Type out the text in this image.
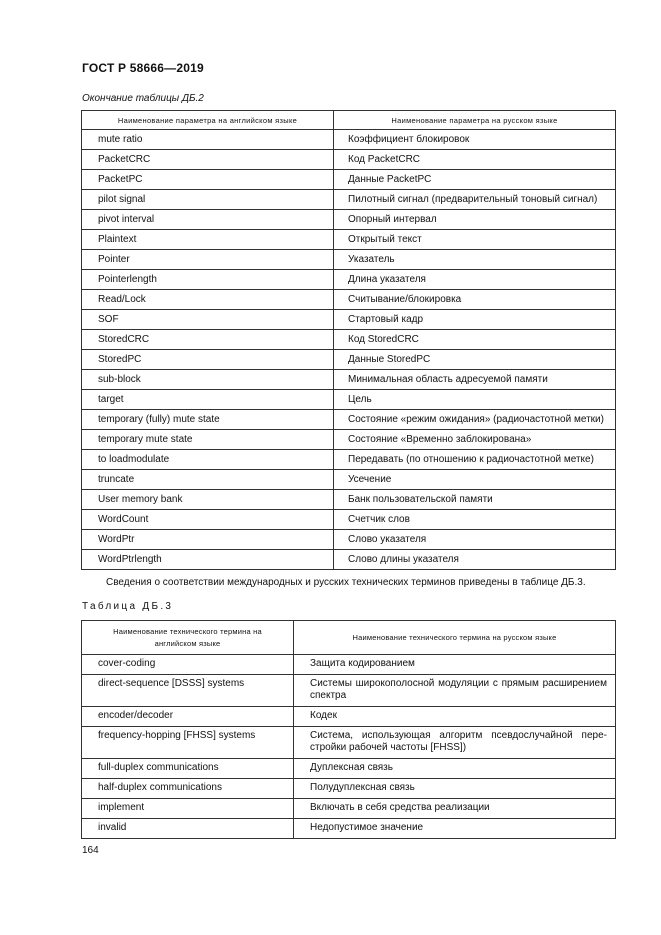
ГОСТ Р 58666—2019

Окончание таблицы ДБ.2

Наименование параметра на английском языке	Наименование параметра на русском языке
mute ratio	Коэффициент блокировок
PacketCRC	Код PacketCRC
PacketPC	Данные PacketPC
pilot signal	Пилотный сигнал (предварительный тоновый сигнал)
pivot interval	Опорный интервал
Plaintext	Открытый текст
Pointer	Указатель
Pointerlength	Длина указателя
Read/Lock	Считывание/блокировка
SOF	Стартовый кадр
StoredCRC	Код StoredCRC
StoredPC	Данные StoredPC
sub-block	Минимальная область адресуемой памяти
target	Цель
temporary (fully) mute state	Состояние «режим ожидания» (радиочастотной метки)
temporary mute state	Состояние «Временно заблокирована»
to loadmodulate	Передавать (по отношению к радиочастотной метке)
truncate	Усечение
User memory bank	Банк пользовательской памяти
WordCount	Счетчик слов
WordPtr	Слово указателя
WordPtrlength	Слово длины указателя

Сведения о соответствии международных и русских технических терминов приведены в таблице ДБ.3.

Таблица ДБ.3

Наименование технического термина на английском языке	Наименование технического термина на русском языке
cover-coding	Защита кодированием
direct-sequence [DSSS] systems	Системы широкополосной модуляции с прямым расширением спектра
encoder/decoder	Кодек
frequency-hopping [FHSS] systems	Система, использующая алгоритм псевдослучайной перестройки рабочей частоты [FHSS])
full-duplex communications	Дуплексная связь
half-duplex communications	Полудуплексная связь
implement	Включать в себя средства реализации
invalid	Недопустимое значение

164
